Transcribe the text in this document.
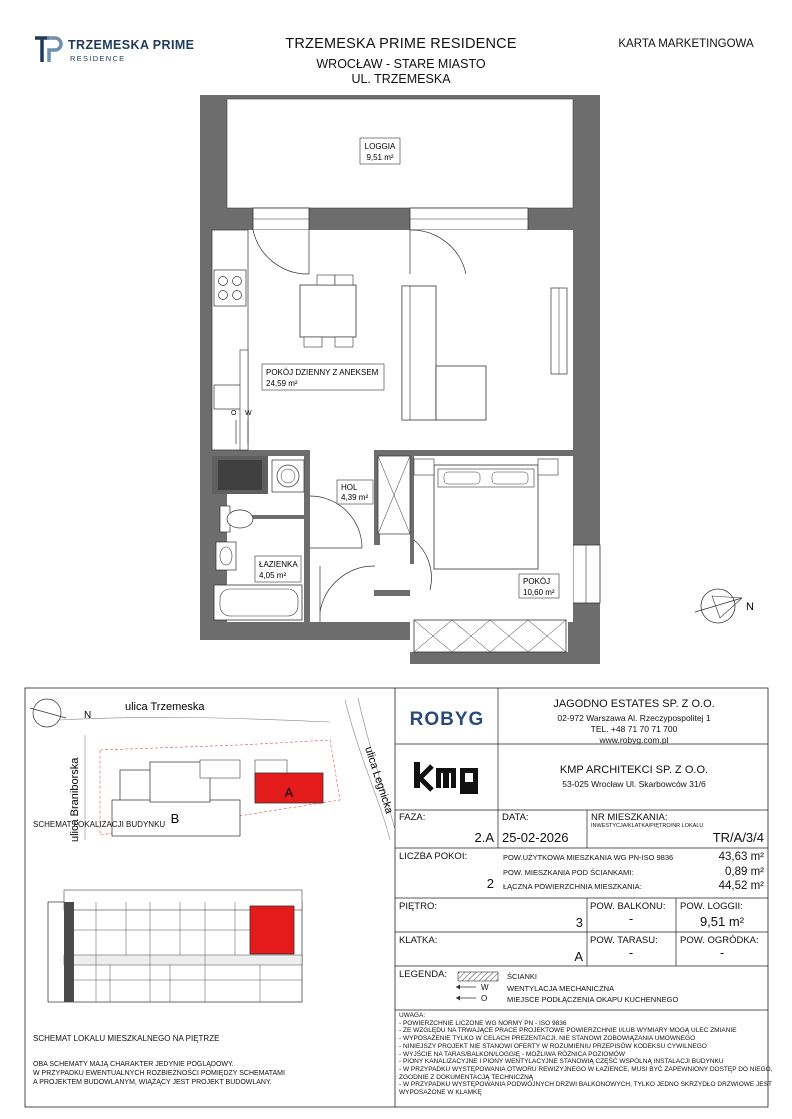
TRZEMESKA PRIME
RESIDENCE
TRZEMESKA PRIME RESIDENCE
WROCŁAW - STARE MIASTO
UL. TRZEMESKA
KARTA MARKETINGOWA
O W
LOGGIA
9,51 m²
POKÓJ DZIENNY Z ANEKSEM
24,59 m²
HOL
4,39 m²
ŁAZIENKA
4,05 m²
POKÓJ
10,60 m²
N
A
B
ulica Trzemeska
ulica Braniborska	ulica Legnicka
N	ROBYG
SCHEMAT LOKALIZACJI BUDYNKU
SCHEMAT LOKALU MIESZKALNEGO NA PIĘTRZE
OBA SCHEMATY MAJĄ CHARAKTER JEDYNIE POGLĄDOWY.
W PRZYPADKU EWENTUALNYCH ROZBIEŻNOŚCI POMIĘDZY SCHEMATAMI
A PROJEKTEM BUDOWLANYM, WIĄŻĄCY JEST PROJEKT BUDOWLANY.
JAGODNO ESTATES SP. Z O.O.
02-972 Warszawa Al. Rzeczypospolitej 1
TEL. +48 71 70 71 700
www.robyg.com.pl
KMP ARCHITEKCI SP. Z O.O.
53-025 Wrocław Ul. Skarbowców 31/6
FAZA:
2.A
DATA:
25-02-2026
NR MIESZKANIA:
INWESTYCJA/KLATKA/PIĘTRO/NR LOKALU
TR/A/3/4
LICZBA POKOI:
2
POW.UŻYTKOWA MIESZKANIA WG PN-ISO 9836	43,63 m²
POW. MIESZKANIA POD ŚCIANKAMI:	0,89 m²
ŁĄCZNA POWIERZCHNIA MIESZKANIA:	44,52 m²
PIĘTRO:
3
POW. BALKONU:
-
POW. LOGGII:
9,51 m²
KLATKA:
A
POW. TARASU:
-
POW. OGRÓDKA:
-
LEGENDA:	ŚCIANKI
W WENTYLACJA MECHANICZNA
O	MIEJSCE PODŁĄCZENIA OKAPU KUCHENNEGO
UWAGA:
- POWIERZCHNIE LICZONE WG NORMY PN - ISO 9836
- ZE WZGLĘDU NA TRWAJĄCE PRACE PROJEKTOWE POWIERZCHNIE I/LUB WYMIARY MOGĄ ULEC ZMIANIE
- WYPOSAŻENIE TYLKO W CELACH PREZENTACJI. NIE STANOWI ZOBOWIĄZANIA UMOWNEGO
- NINIEJSZY PROJEKT NIE STANOWI OFERTY W ROZUMIENIU PRZEPISÓW KODEKSU CYWILNEGO
- WYJŚCIE NA TARAS/BALKON/LOGGIĘ - MOŻLIWA RÓŻNICA POZIOMÓW
- PIONY KANALIZACYJNE I PIONY WENTYLACYJNE STANOWIĄ CZĘŚĆ WSPÓLNĄ INSTALACJI BUDYNKU
- W PRZYPADKU WYSTĘPOWANIA OTWORU REWIZYJNEGO W ŁAZIENCE, MUSI BYĆ ZAPEWNIONY DOSTĘP DO NIEGO,
ZGODNIE Z DOKUMENTACJĄ TECHNICZNĄ
- W PRZYPADKU WYSTĘPOWANIA PODWÓJNYCH DRZWI BALKONOWYCH, TYLKO JEDNO SKRZYDŁO DRZWIOWE JEST
WYPOSAŻONE W KLAMKĘ
